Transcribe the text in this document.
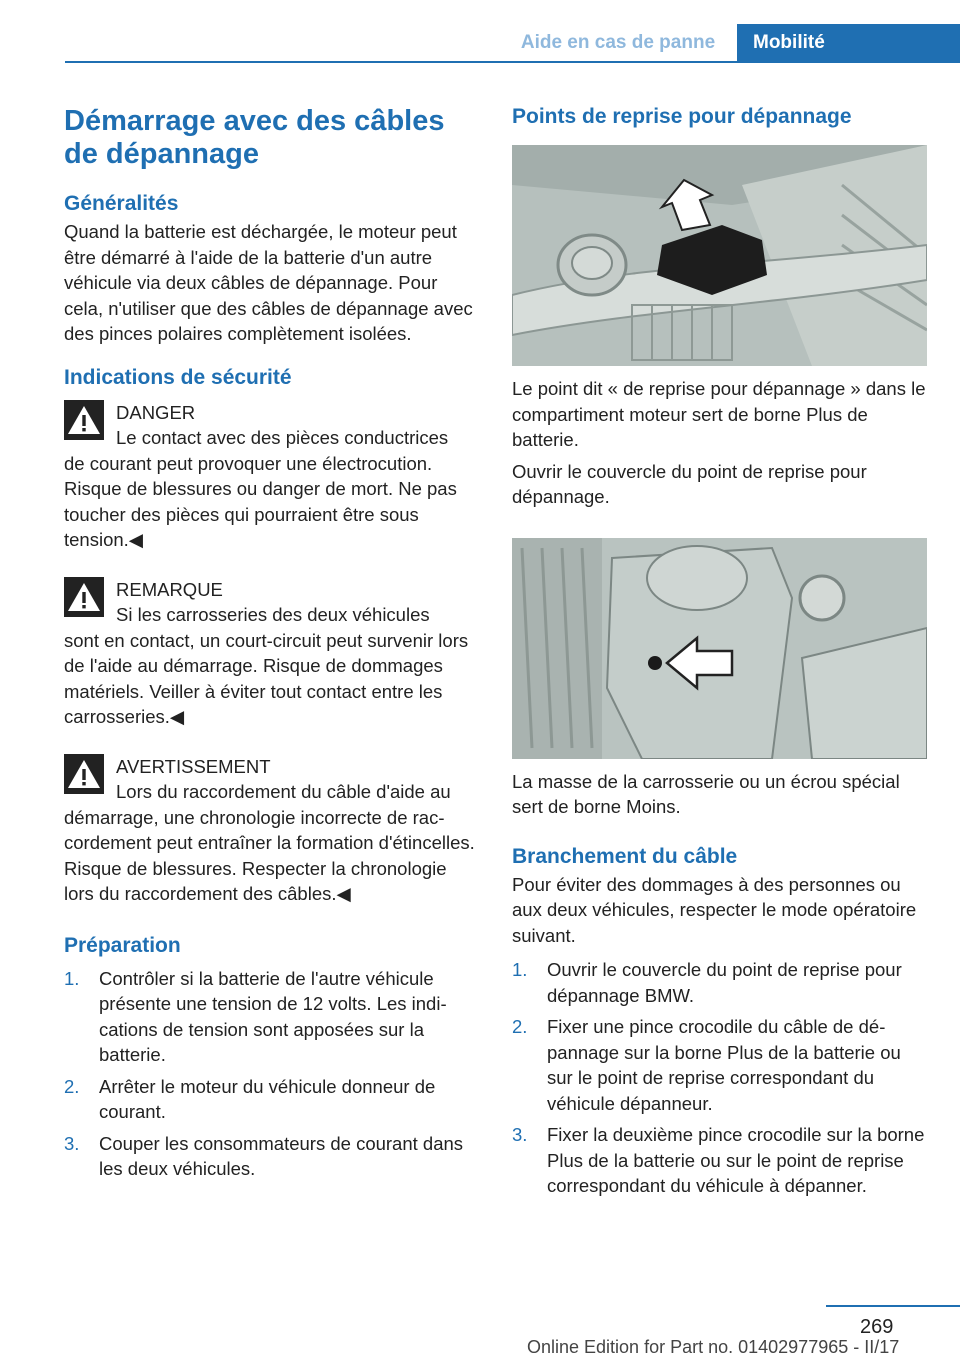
Aide en cas de panne	Mobilité
Démarrage avec des câbles de dépannage
Généralités

Quand la batterie est déchargée, le moteur peut être démarré à l'aide de la batterie d'un autre véhicule via deux câbles de dépannage. Pour cela, n'utiliser que des câbles de dépannage avec des pinces polaires complètement isolées.

Indications de sécurité
DANGER
Le contact avec des pièces conductrices

de courant peut provoquer une électrocution. Risque de blessures ou danger de mort. Ne pas toucher des pièces qui pourraient être sous tension.◀

REMARQUE
Si les carrosseries des deux véhicules

sont en contact, un court-circuit peut survenir lors de l'aide au démarrage. Risque de dommages matériels. Veiller à éviter tout contact entre les carrosseries.◀

AVERTISSEMENT
Lors du raccordement du câble d'aide au

démarrage, une chronologie incorrecte de raccordement peut entraîner la formation d'étincelles. Risque de blessures. Respecter la chronologie lors du raccordement des câbles.◀

Préparation
1. Contrôler si la batterie de l'autre véhicule présente une tension de 12 volts. Les indications de tension sont apposées sur la batterie.
2. Arrêter le moteur du véhicule donneur de courant.
3. Couper les consommateurs de courant dans les deux véhicules.
Points de reprise pour dépannage

Le point dit « de reprise pour dépannage » dans le compartiment moteur sert de borne Plus de batterie.

Ouvrir le couvercle du point de reprise pour dépannage.

La masse de la carrosserie ou un écrou spécial sert de borne Moins.

Branchement du câble

Pour éviter des dommages à des personnes ou aux deux véhicules, respecter le mode opératoire suivant.

1. Ouvrir le couvercle du point de reprise pour dépannage BMW.
2. Fixer une pince crocodile du câble de dépannage sur la borne Plus de la batterie ou sur le point de reprise correspondant du véhicule dépanneur.
3. Fixer la deuxième pince crocodile sur la borne Plus de la batterie ou sur le point de reprise correspondant du véhicule à dépanner.
269
Online Edition for Part no. 01402977965 - II/17
